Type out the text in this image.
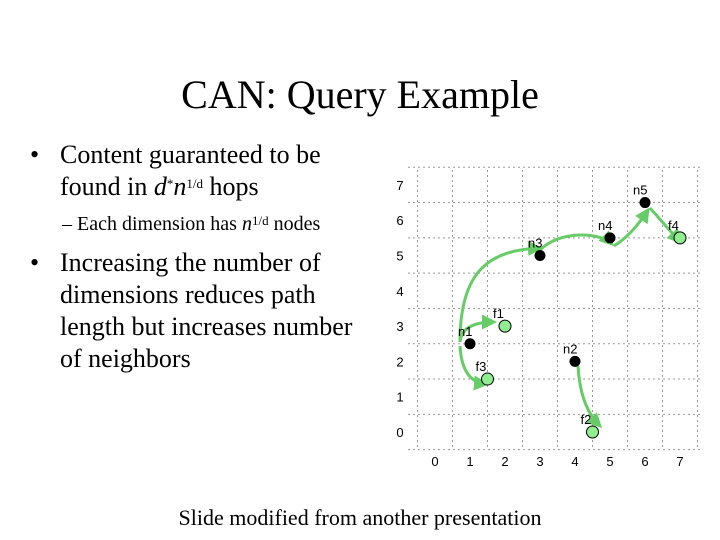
CAN: Query Example
• Content guaranteed to be
found in $d^*n^{1/d}$ hops
– Each dimension has $n^{1/d}$ nodes
• Increasing the number of
dimensions reduces path
length but increases number
of neighbors
0 1 2 3 4 5 6 7
0
1
2
3
4
5
6
7
n1
n2
n3
n4
n5
f1
f2
f3
f4
Slide modified from another presentation
